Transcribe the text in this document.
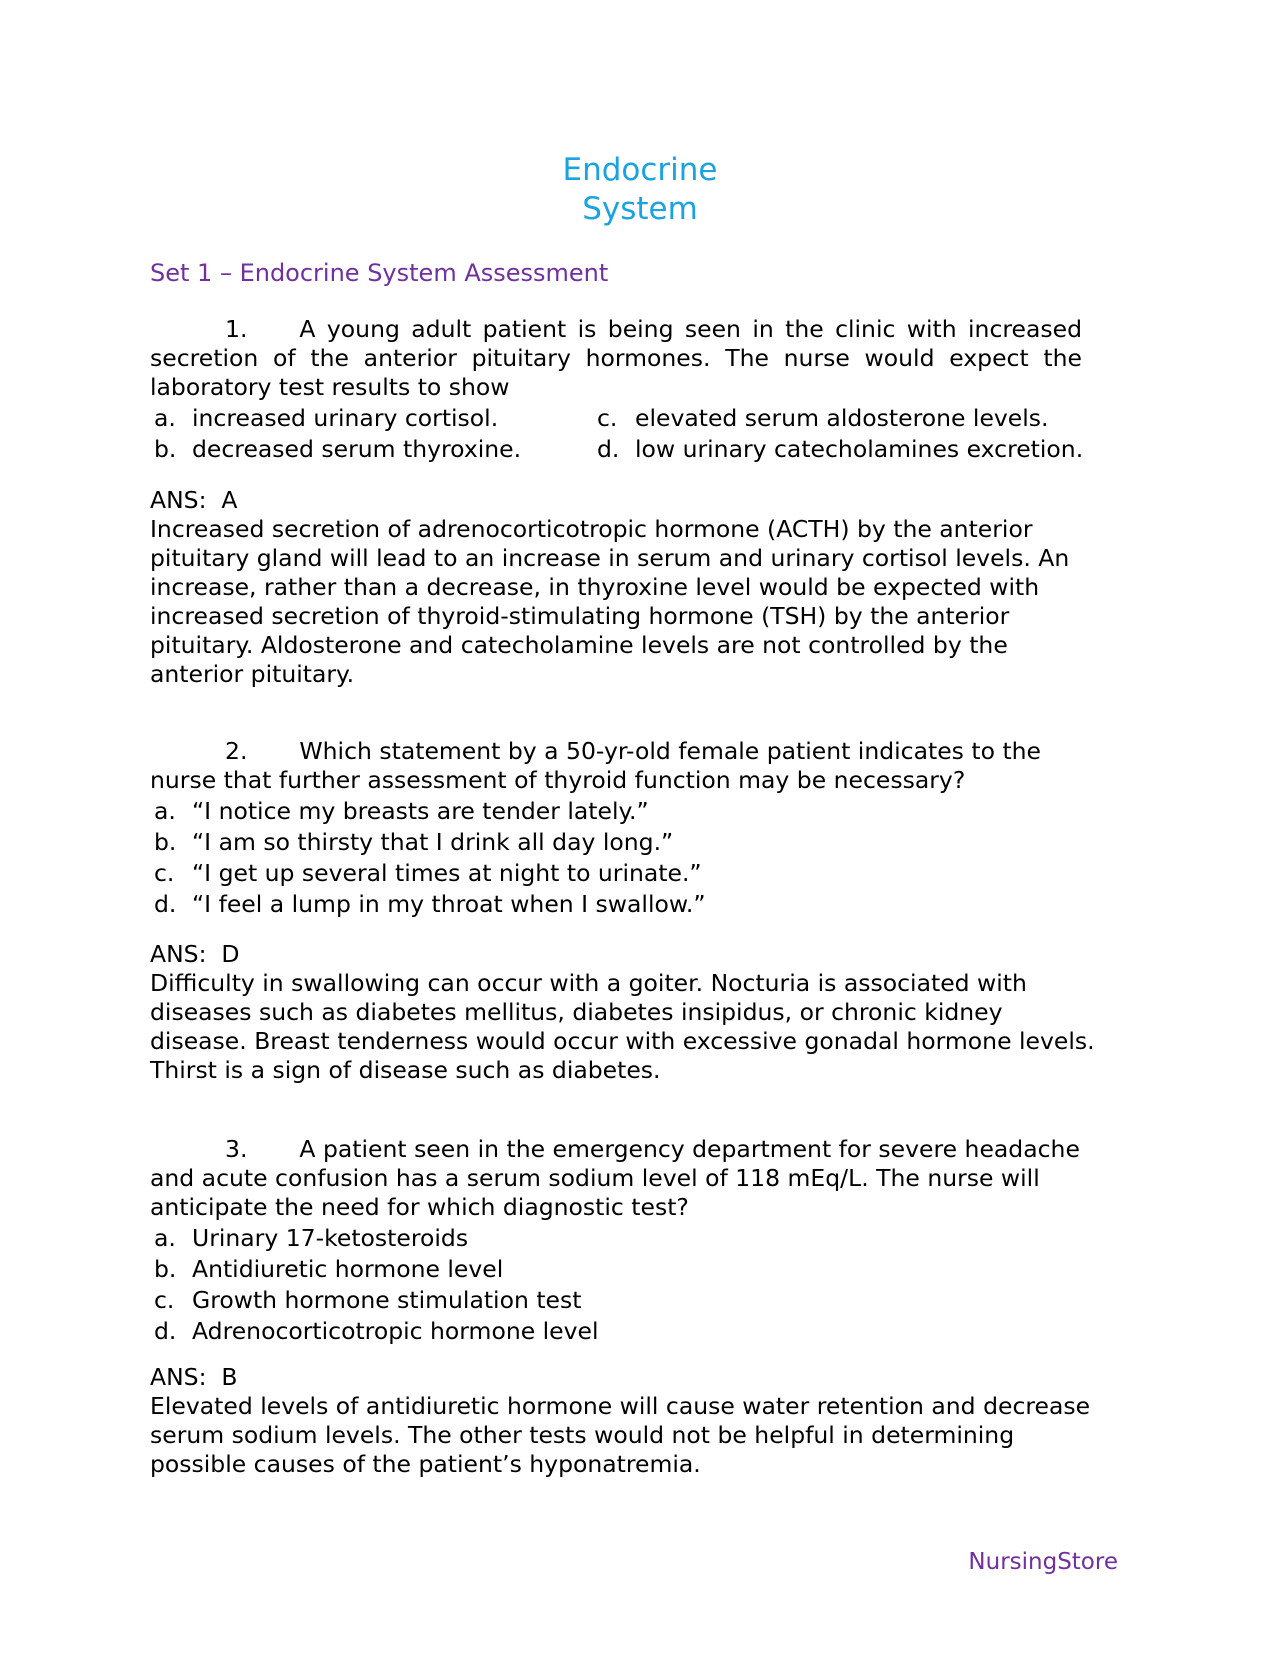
Endocrine
System
Set 1 – Endocrine System Assessment
1. A young adult patient is being seen in the clinic with increased secretion of the anterior pituitary hormones. The nurse would expect the laboratory test results to show
a. increased urinary cortisol.	c. elevated serum aldosterone levels.
b. decreased serum thyroxine.	d. low urinary catecholamines excretion.
ANS:  A
Increased secretion of adrenocorticotropic hormone (ACTH) by the anterior pituitary gland will lead to an increase in serum and urinary cortisol levels. An increase, rather than a decrease, in thyroxine level would be expected with increased secretion of thyroid-stimulating hormone (TSH) by the anterior pituitary. Aldosterone and catecholamine levels are not controlled by the anterior pituitary.
2. Which statement by a 50-yr-old female patient indicates to the nurse that further assessment of thyroid function may be necessary?
a. “I notice my breasts are tender lately.”
b. “I am so thirsty that I drink all day long.”
c. “I get up several times at night to urinate.”
d. “I feel a lump in my throat when I swallow.”
ANS:  D
Difficulty in swallowing can occur with a goiter. Nocturia is associated with diseases such as diabetes mellitus, diabetes insipidus, or chronic kidney disease. Breast tenderness would occur with excessive gonadal hormone levels. Thirst is a sign of disease such as diabetes.
3. A patient seen in the emergency department for severe headache and acute confusion has a serum sodium level of 118 mEq/L. The nurse will anticipate the need for which diagnostic test?
a. Urinary 17-ketosteroids
b. Antidiuretic hormone level
c. Growth hormone stimulation test
d. Adrenocorticotropic hormone level
ANS:  B
Elevated levels of antidiuretic hormone will cause water retention and decrease serum sodium levels. The other tests would not be helpful in determining possible causes of the patient’s hyponatremia.
NursingStore
